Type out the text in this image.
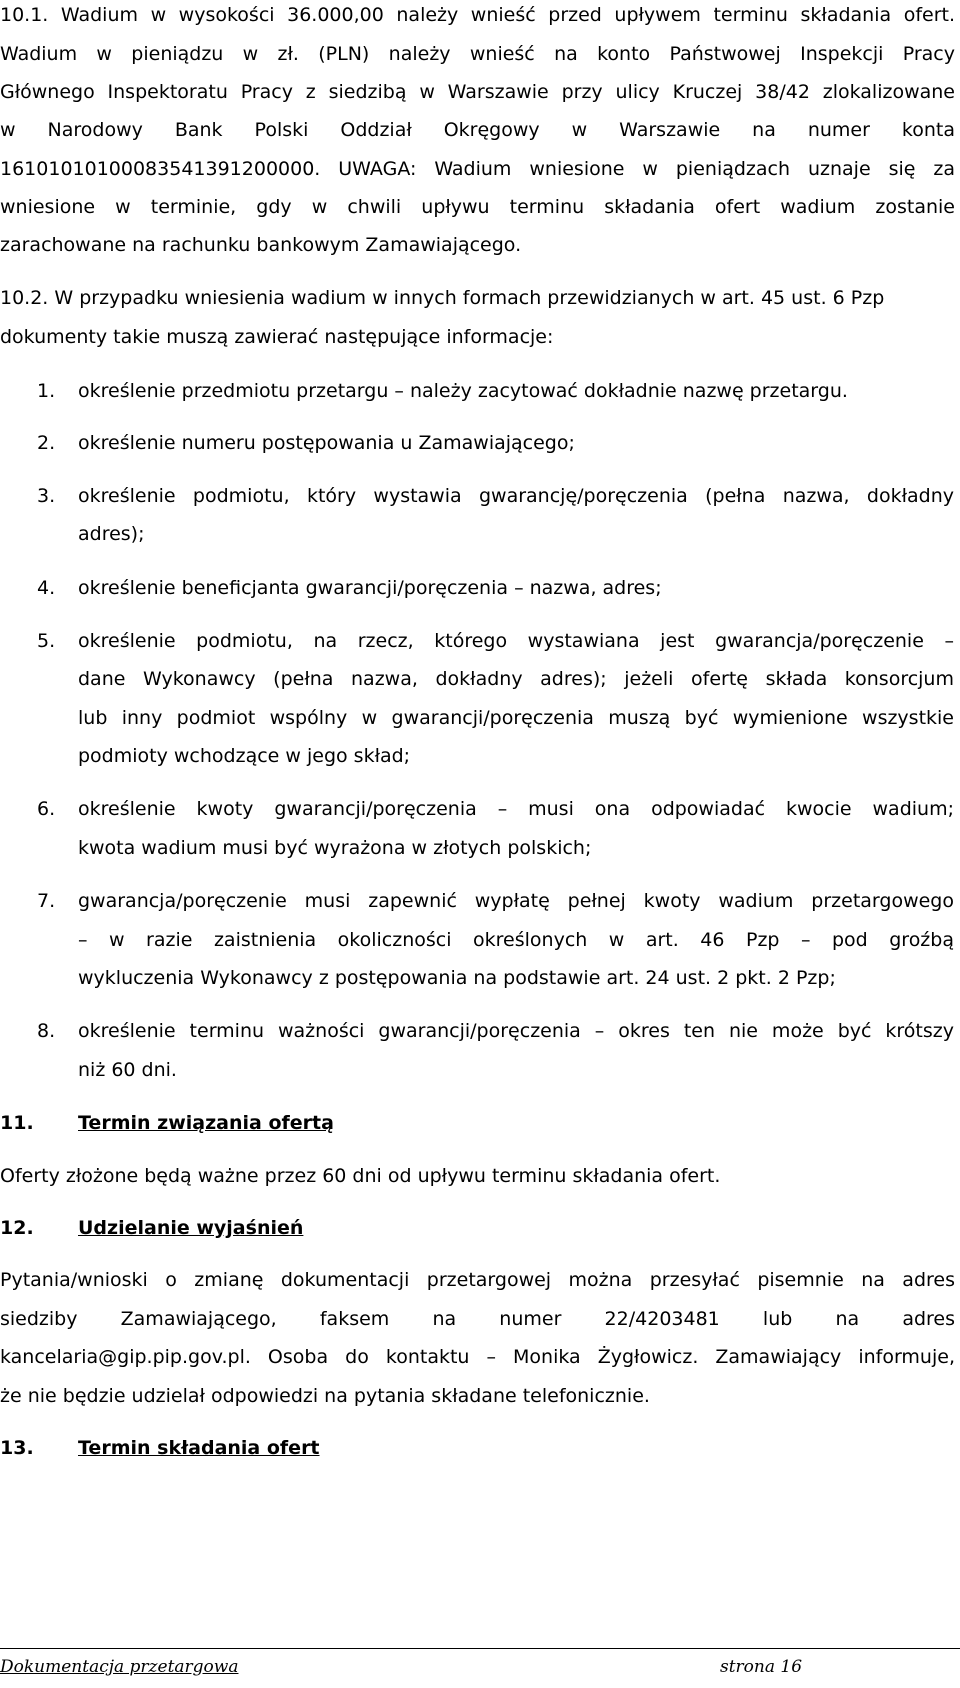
10.1. Wadium w wysokości 36.000,00 należy wnieść przed upływem terminu składania ofert.
Wadium w pieniądzu w zł. (PLN) należy wnieść na konto Państwowej Inspekcji Pracy
Głównego Inspektoratu Pracy z siedzibą w Warszawie przy ulicy Kruczej 38/42 zlokalizowane
w Narodowy Bank Polski Oddział Okręgowy w Warszawie na numer konta
16101010100083541391200000. UWAGA: Wadium wniesione w pieniądzach uznaje się za
wniesione w terminie, gdy w chwili upływu terminu składania ofert wadium zostanie
zarachowane na rachunku bankowym Zamawiającego.
10.2. W przypadku wniesienia wadium w innych formach przewidzianych w art. 45 ust. 6 Pzp
dokumenty takie muszą zawierać następujące informacje:
1. określenie przedmiotu przetargu – należy zacytować dokładnie nazwę przetargu.
2. określenie numeru postępowania u Zamawiającego;
3. określenie podmiotu, który wystawia gwarancję/poręczenia (pełna nazwa, dokładny
adres);
4. określenie beneficjanta gwarancji/poręczenia – nazwa, adres;
5. określenie podmiotu, na rzecz, którego wystawiana jest gwarancja/poręczenie –
dane Wykonawcy (pełna nazwa, dokładny adres); jeżeli ofertę składa konsorcjum
lub inny podmiot wspólny w gwarancji/poręczenia muszą być wymienione wszystkie
podmioty wchodzące w jego skład;
6. określenie kwoty gwarancji/poręczenia – musi ona odpowiadać kwocie wadium;
kwota wadium musi być wyrażona w złotych polskich;
7. gwarancja/poręczenie musi zapewnić wypłatę pełnej kwoty wadium przetargowego
– w razie zaistnienia okoliczności określonych w art. 46 Pzp – pod groźbą
wykluczenia Wykonawcy z postępowania na podstawie art. 24 ust. 2 pkt. 2 Pzp;
8. określenie terminu ważności gwarancji/poręczenia – okres ten nie może być krótszy
niż 60 dni.
11. Termin związania ofertą
Oferty złożone będą ważne przez 60 dni od upływu terminu składania ofert.
12. Udzielanie wyjaśnień
Pytania/wnioski o zmianę dokumentacji przetargowej można przesyłać pisemnie na adres
siedziby Zamawiającego, faksem na numer 22/4203481 lub na adres
kancelaria@gip.pip.gov.pl. Osoba do kontaktu – Monika Żygłowicz. Zamawiający informuje,
że nie będzie udzielał odpowiedzi na pytania składane telefonicznie.
13. Termin składania ofert
Dokumentacja przetargowa	strona 16
